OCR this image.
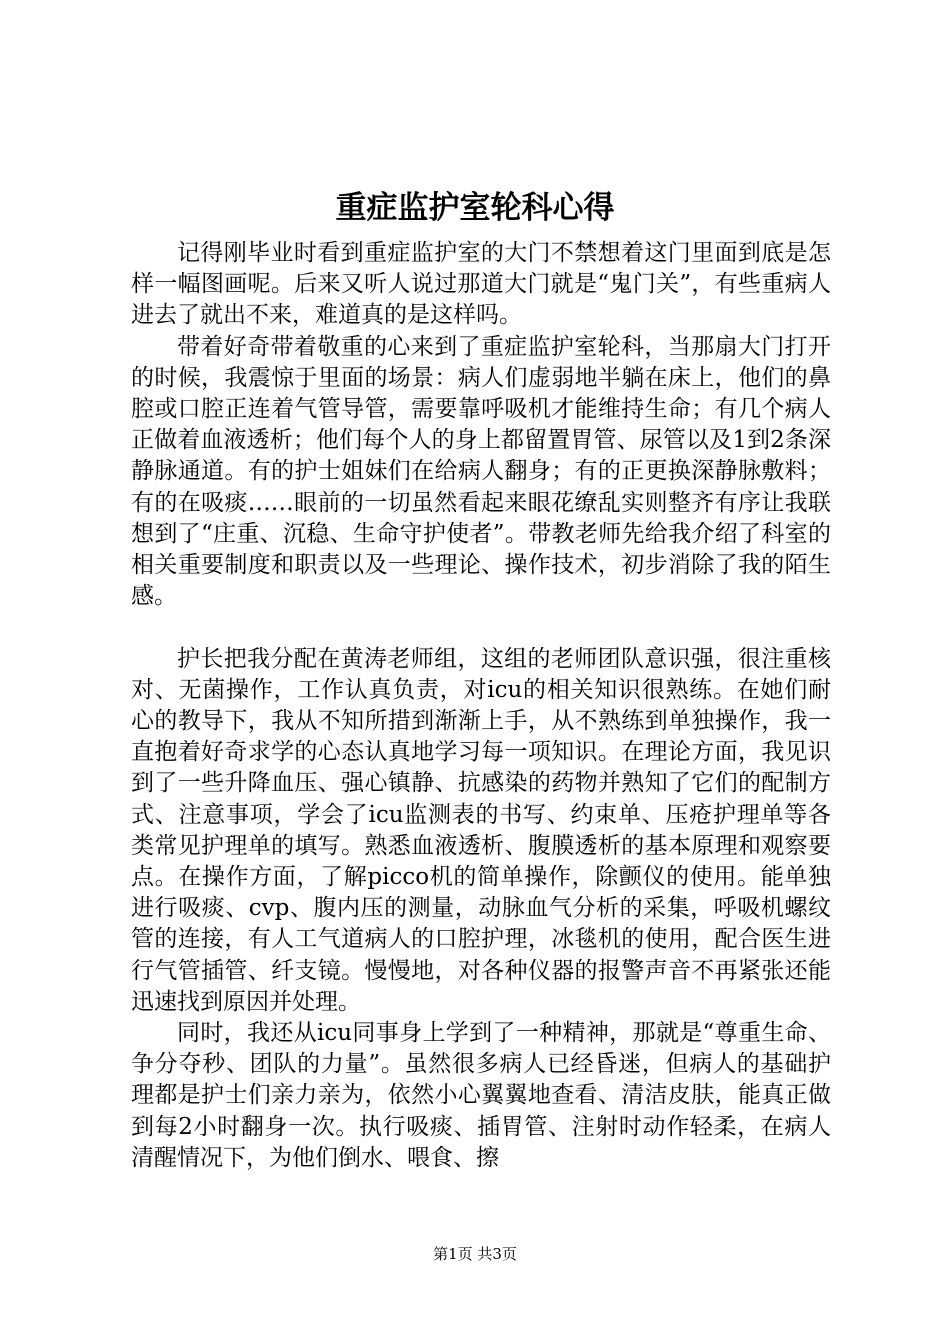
重症监护室轮科心得

记得刚毕业时看到重症监护室的大门不禁想着这门里面到底是怎样一幅图画呢。后来又听人说过那道大门就是“鬼门关”，有些重病人进去了就出不来，难道真的是这样吗。

带着好奇带着敬重的心来到了重症监护室轮科，当那扇大门打开的时候，我震惊于里面的场景：病人们虚弱地半躺在床上，他们的鼻腔或口腔正连着气管导管，需要靠呼吸机才能维持生命；有几个病人正做着血液透析；他们每个人的身上都留置胃管、尿管以及1到2条深静脉通道。有的护士姐妹们在给病人翻身；有的正更换深静脉敷料；有的在吸痰……眼前的一切虽然看起来眼花缭乱实则整齐有序让我联想到了“庄重、沉稳、生命守护使者”。带教老师先给我介绍了科室的相关重要制度和职责以及一些理论、操作技术，初步消除了我的陌生感。

护长把我分配在黄涛老师组，这组的老师团队意识强，很注重核对、无菌操作，工作认真负责，对icu的相关知识很熟练。在她们耐心的教导下，我从不知所措到渐渐上手，从不熟练到单独操作，我一直抱着好奇求学的心态认真地学习每一项知识。在理论方面，我见识到了一些升降血压、强心镇静、抗感染的药物并熟知了它们的配制方式、注意事项，学会了icu监测表的书写、约束单、压疮护理单等各类常见护理单的填写。熟悉血液透析、腹膜透析的基本原理和观察要点。在操作方面，了解picco机的简单操作，除颤仪的使用。能单独进行吸痰、cvp、腹内压的测量，动脉血气分析的采集，呼吸机螺纹管的连接，有人工气道病人的口腔护理，冰毯机的使用，配合医生进行气管插管、纤支镜。慢慢地，对各种仪器的报警声音不再紧张还能迅速找到原因并处理。

同时，我还从icu同事身上学到了一种精神，那就是“尊重生命、争分夺秒、团队的力量”。虽然很多病人已经昏迷，但病人的基础护理都是护士们亲力亲为，依然小心翼翼地查看、清洁皮肤，能真正做到每2小时翻身一次。执行吸痰、插胃管、注射时动作轻柔，在病人清醒情况下，为他们倒水、喂食、擦

第1页 共3页
